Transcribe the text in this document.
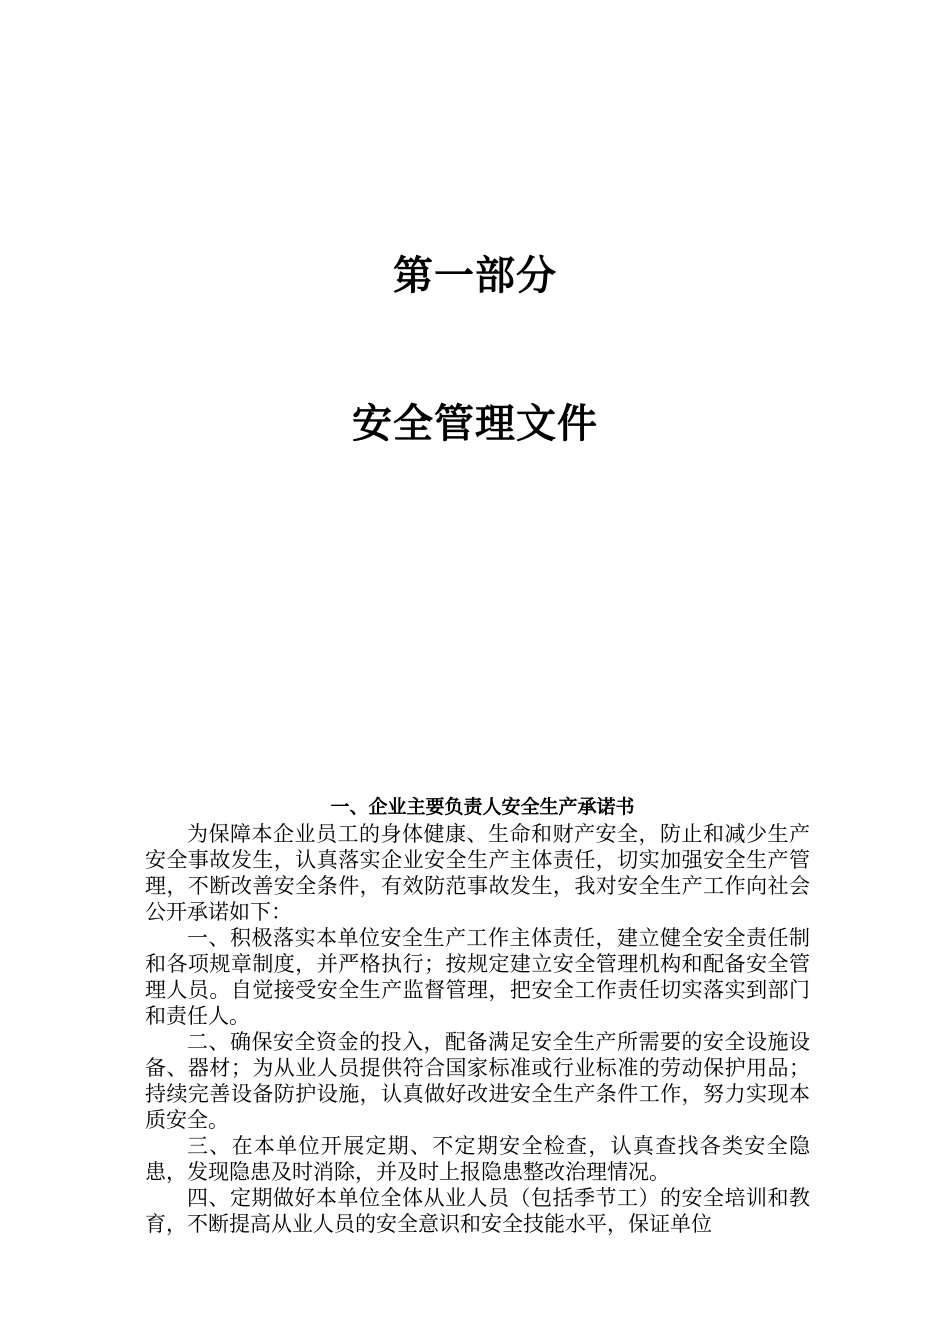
第一部分
安全管理文件

一、企业主要负责人安全生产承诺书

为保障本企业员工的身体健康、生命和财产安全，防止和减少生产安全事故发生，认真落实企业安全生产主体责任，切实加强安全生产管理，不断改善安全条件，有效防范事故发生，我对安全生产工作向社会公开承诺如下：

一、积极落实本单位安全生产工作主体责任，建立健全安全责任制和各项规章制度，并严格执行；按规定建立安全管理机构和配备安全管理人员。自觉接受安全生产监督管理，把安全工作责任切实落实到部门和责任人。

二、确保安全资金的投入，配备满足安全生产所需要的安全设施设备、器材；为从业人员提供符合国家标准或行业标准的劳动保护用品；持续完善设备防护设施，认真做好改进安全生产条件工作，努力实现本质安全。

三、在本单位开展定期、不定期安全检查，认真查找各类安全隐患，发现隐患及时消除，并及时上报隐患整改治理情况。

四、定期做好本单位全体从业人员（包括季节工）的安全培训和教育，不断提高从业人员的安全意识和安全技能水平，保证单位
